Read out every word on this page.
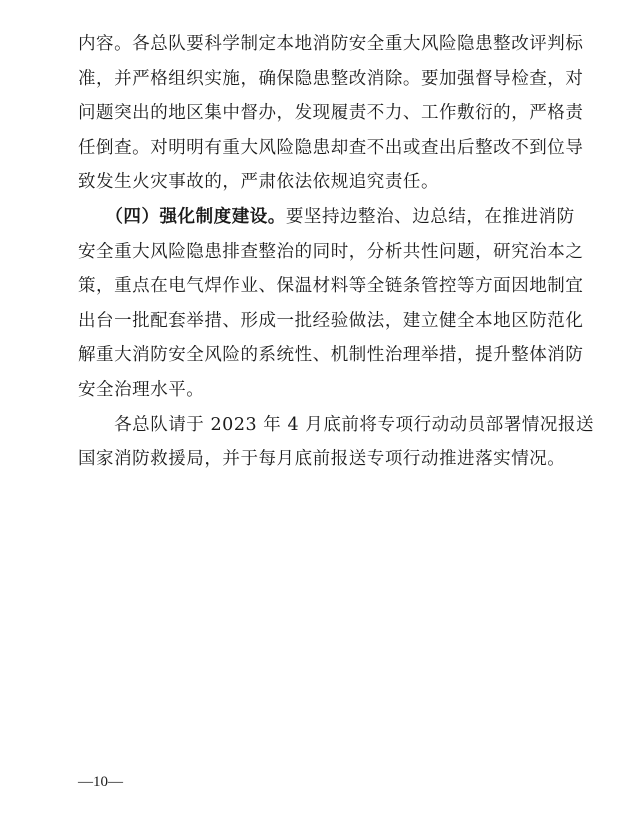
内容。各总队要科学制定本地消防安全重大风险隐患整改评判标
准，并严格组织实施，确保隐患整改消除。要加强督导检查，对
问题突出的地区集中督办，发现履责不力、工作敷衍的，严格责
任倒查。对明明有重大风险隐患却查不出或查出后整改不到位导
致发生火灾事故的，严肃依法依规追究责任。
　　（四）强化制度建设。要坚持边整治、边总结，在推进消防
安全重大风险隐患排查整治的同时，分析共性问题，研究治本之
策，重点在电气焊作业、保温材料等全链条管控等方面因地制宜
出台一批配套举措、形成一批经验做法，建立健全本地区防范化
解重大消防安全风险的系统性、机制性治理举措，提升整体消防
安全治理水平。
　　各总队请于 2023 年 4 月底前将专项行动动员部署情况报送
国家消防救援局，并于每月底前报送专项行动推进落实情况。
—10—
